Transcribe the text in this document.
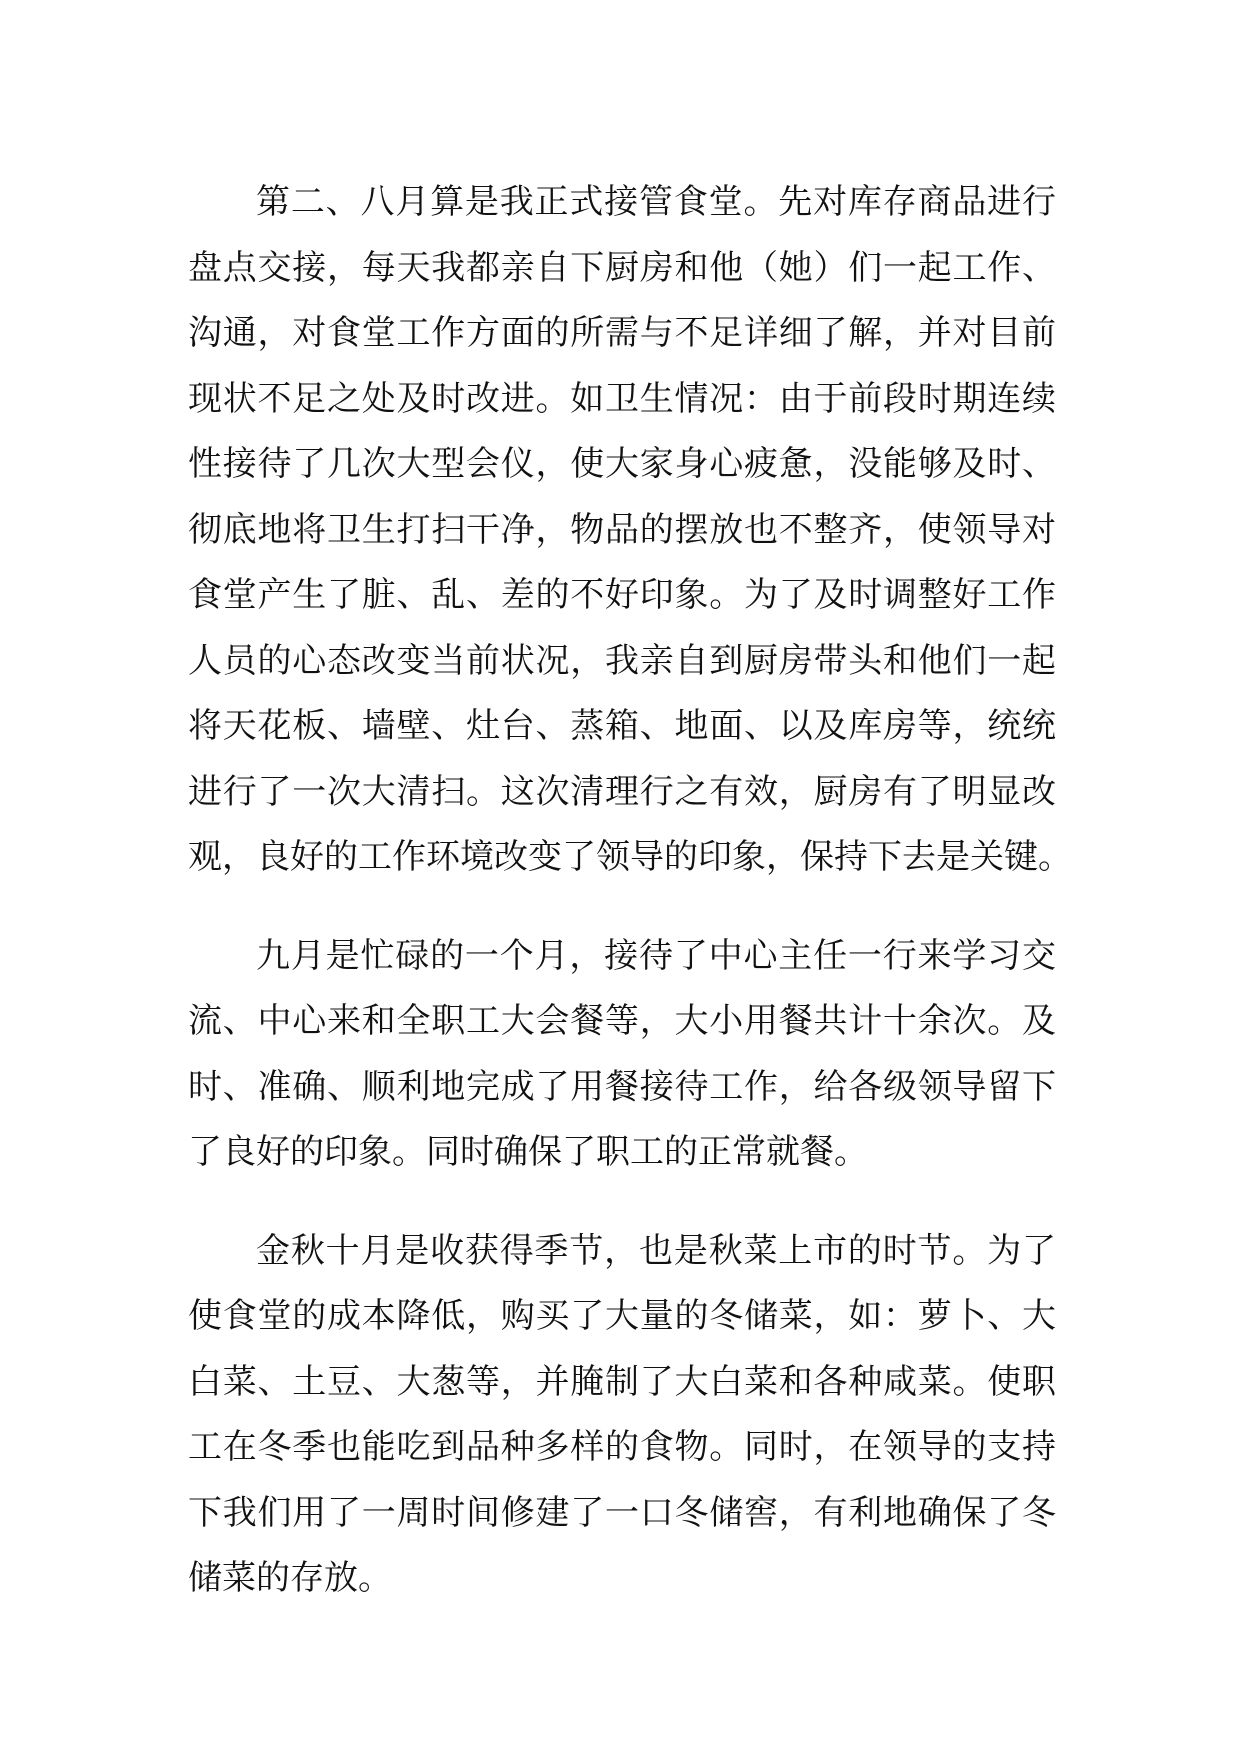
第二、八月算是我正式接管食堂。先对库存商品进行
盘点交接，每天我都亲自下厨房和他（她）们一起工作、
沟通，对食堂工作方面的所需与不足详细了解，并对目前
现状不足之处及时改进。如卫生情况：由于前段时期连续
性接待了几次大型会仪，使大家身心疲惫，没能够及时、
彻底地将卫生打扫干净，物品的摆放也不整齐，使领导对
食堂产生了脏、乱、差的不好印象。为了及时调整好工作
人员的心态改变当前状况，我亲自到厨房带头和他们一起
将天花板、墙壁、灶台、蒸箱、地面、以及库房等，统统
进行了一次大清扫。这次清理行之有效，厨房有了明显改
观，良好的工作环境改变了领导的印象，保持下去是关键。
九月是忙碌的一个月，接待了中心主任一行来学习交
流、中心来和全职工大会餐等，大小用餐共计十余次。及
时、准确、顺利地完成了用餐接待工作，给各级领导留下
了良好的印象。同时确保了职工的正常就餐。
金秋十月是收获得季节，也是秋菜上市的时节。为了
使食堂的成本降低，购买了大量的冬储菜，如：萝卜、大
白菜、土豆、大葱等，并腌制了大白菜和各种咸菜。使职
工在冬季也能吃到品种多样的食物。同时，在领导的支持
下我们用了一周时间修建了一口冬储窖，有利地确保了冬
储菜的存放。
